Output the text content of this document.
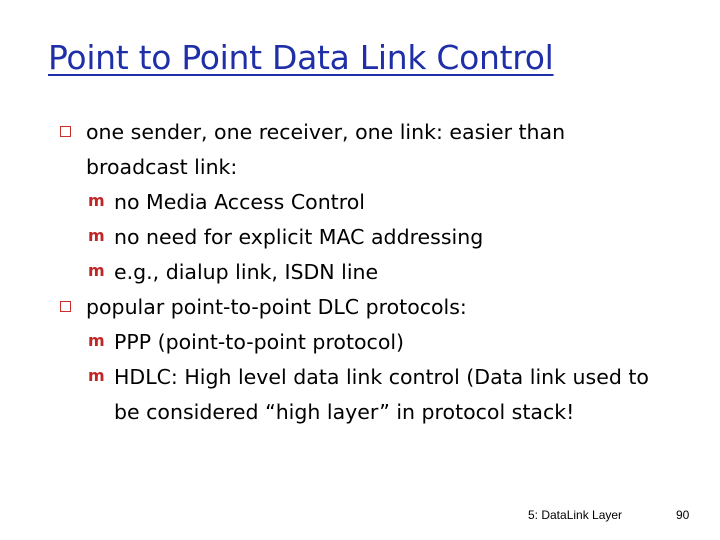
Point to Point Data Link Control
one sender, one receiver, one link: easier than broadcast link:
m no Media Access Control
m no need for explicit MAC addressing
m e.g., dialup link, ISDN line
popular point-to-point DLC protocols:
m PPP (point-to-point protocol)
m HDLC: High level data link control (Data link used to be considered “high layer” in protocol stack!
5: DataLink Layer	90
